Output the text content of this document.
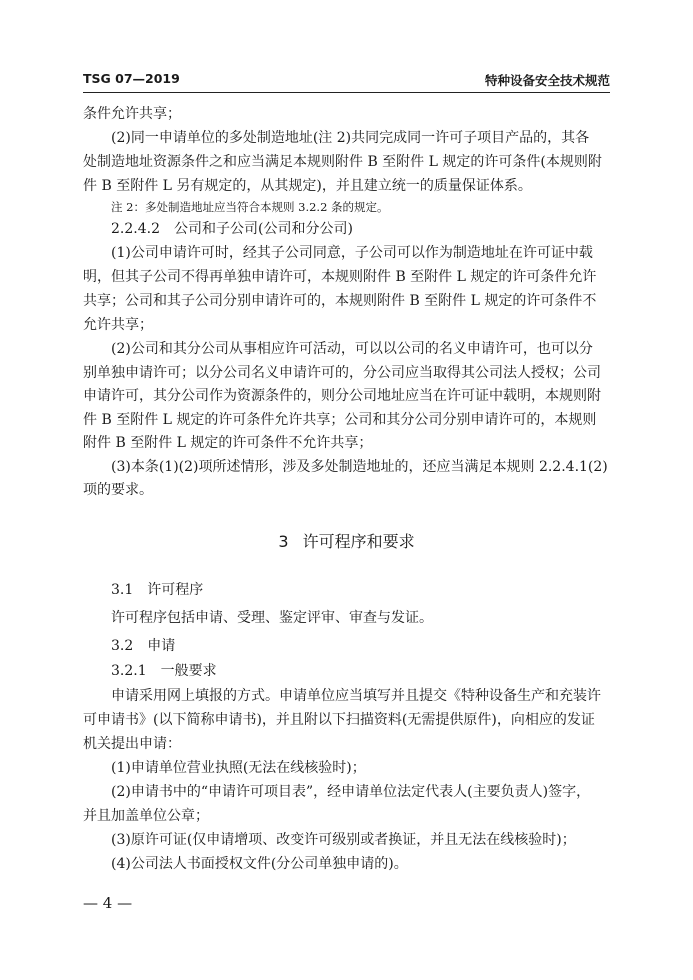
TSG 07—2019	特种设备安全技术规范
条件允许共享；
(2)同一申请单位的多处制造地址(注 2)共同完成同一许可子项目产品的，其各
处制造地址资源条件之和应当满足本规则附件 B 至附件 L 规定的许可条件(本规则附
件 B 至附件 L 另有规定的，从其规定)，并且建立统一的质量保证体系。
注 2：多处制造地址应当符合本规则 3.2.2 条的规定。
2.2.4.2　公司和子公司(公司和分公司)
(1)公司申请许可时，经其子公司同意，子公司可以作为制造地址在许可证中载
明，但其子公司不得再单独申请许可，本规则附件 B 至附件 L 规定的许可条件允许
共享；公司和其子公司分别申请许可的，本规则附件 B 至附件 L 规定的许可条件不
允许共享；
(2)公司和其分公司从事相应许可活动，可以以公司的名义申请许可，也可以分
别单独申请许可；以分公司名义申请许可的，分公司应当取得其公司法人授权；公司
申请许可，其分公司作为资源条件的，则分公司地址应当在许可证中载明，本规则附
件 B 至附件 L 规定的许可条件允许共享；公司和其分公司分别申请许可的，本规则
附件 B 至附件 L 规定的许可条件不允许共享；
(3)本条(1)(2)项所述情形，涉及多处制造地址的，还应当满足本规则 2.2.4.1(2)
项的要求。
3 许可程序和要求
3.1　许可程序
许可程序包括申请、受理、鉴定评审、审查与发证。
3.2　申请
3.2.1　一般要求
申请采用网上填报的方式。申请单位应当填写并且提交《特种设备生产和充装许
可申请书》(以下简称申请书)，并且附以下扫描资料(无需提供原件)，向相应的发证
机关提出申请：
(1)申请单位营业执照(无法在线核验时)；
(2)申请书中的“申请许可项目表”，经申请单位法定代表人(主要负责人)签字，
并且加盖单位公章；
(3)原许可证(仅申请增项、改变许可级别或者换证，并且无法在线核验时)；
(4)公司法人书面授权文件(分公司单独申请的)。
— 4 —
